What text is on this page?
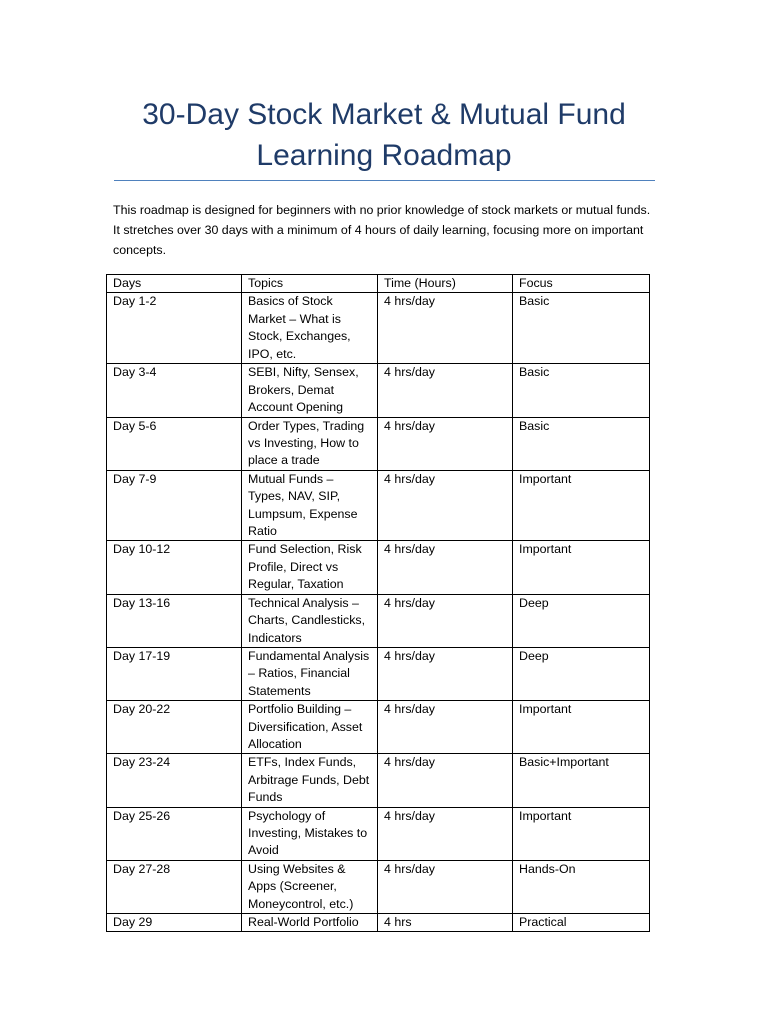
30-Day Stock Market & Mutual Fund
Learning Roadmap

This roadmap is designed for beginners with no prior knowledge of stock markets or mutual funds. It stretches over 30 days with a minimum of 4 hours of daily learning, focusing more on important concepts.

Days	Topics	Time (Hours)	Focus
Day 1-2	Basics of Stock Market – What is Stock, Exchanges, IPO, etc.	4 hrs/day	Basic
Day 3-4	SEBI, Nifty, Sensex, Brokers, Demat Account Opening	4 hrs/day	Basic
Day 5-6	Order Types, Trading vs Investing, How to place a trade	4 hrs/day	Basic
Day 7-9	Mutual Funds – Types, NAV, SIP, Lumpsum, Expense Ratio	4 hrs/day	Important
Day 10-12	Fund Selection, Risk Profile, Direct vs Regular, Taxation	4 hrs/day	Important
Day 13-16	Technical Analysis – Charts, Candlesticks, Indicators	4 hrs/day	Deep
Day 17-19	Fundamental Analysis – Ratios, Financial Statements	4 hrs/day	Deep
Day 20-22	Portfolio Building – Diversification, Asset Allocation	4 hrs/day	Important
Day 23-24	ETFs, Index Funds, Arbitrage Funds, Debt Funds	4 hrs/day	Basic+Important
Day 25-26	Psychology of Investing, Mistakes to Avoid	4 hrs/day	Important
Day 27-28	Using Websites & Apps (Screener, Moneycontrol, etc.)	4 hrs/day	Hands-On
Day 29	Real-World Portfolio	4 hrs	Practical
